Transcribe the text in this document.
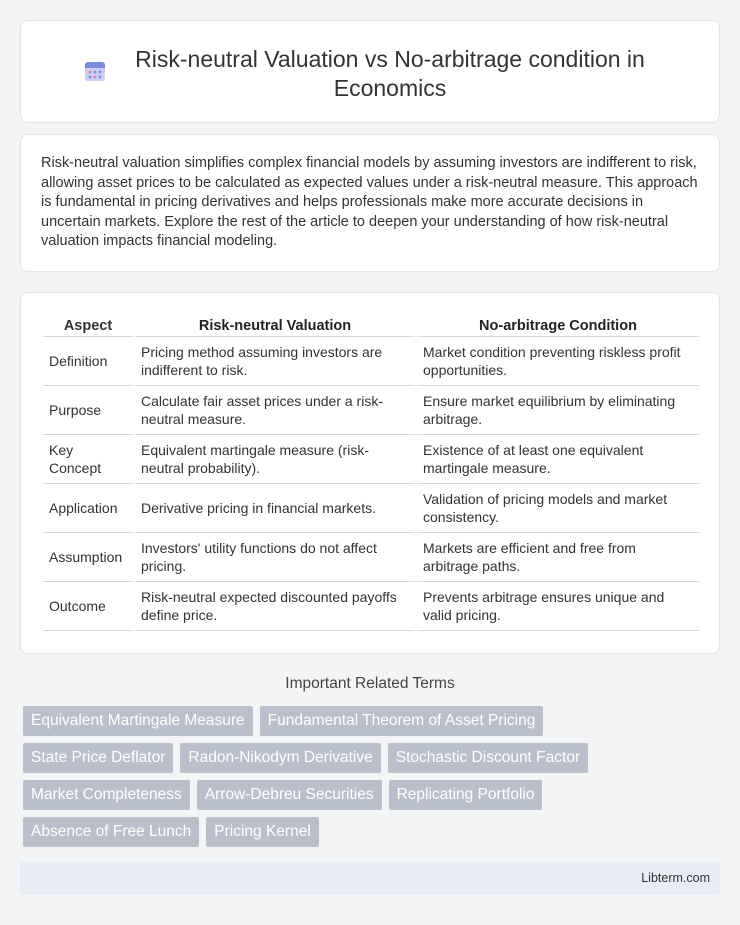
Risk-neutral Valuation vs No-arbitrage condition in Economics

Risk-neutral valuation simplifies complex financial models by assuming investors are indifferent to risk, allowing asset prices to be calculated as expected values under a risk-neutral measure. This approach is fundamental in pricing derivatives and helps professionals make more accurate decisions in uncertain markets. Explore the rest of the article to deepen your understanding of how risk-neutral valuation impacts financial modeling.

Aspect	Risk-neutral Valuation	No-arbitrage Condition
Definition	Pricing method assuming investors are indifferent to risk.	Market condition preventing riskless profit opportunities.
Purpose	Calculate fair asset prices under a risk-neutral measure.	Ensure market equilibrium by eliminating arbitrage.
Key Concept	Equivalent martingale measure (risk-neutral probability).	Existence of at least one equivalent martingale measure.
Application	Derivative pricing in financial markets.	Validation of pricing models and market consistency.
Assumption	Investors' utility functions do not affect pricing.	Markets are efficient and free from arbitrage paths.
Outcome	Risk-neutral expected discounted payoffs define price.	Prevents arbitrage ensures unique and valid pricing.
Important Related Terms
Equivalent Martingale Measure	Fundamental Theorem of Asset Pricing
State Price Deflator	Radon-Nikodym Derivative	Stochastic Discount Factor
Market Completeness	Arrow-Debreu Securities	Replicating Portfolio
Absence of Free Lunch	Pricing Kernel
Libterm.com
